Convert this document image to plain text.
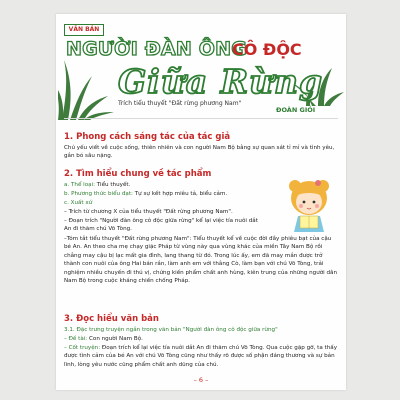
VĂN BẢN
NGƯỜI ĐÀN ÔNG
CÔ ĐỘC
Giữa Rừng
Trích tiểu thuyết "Đất rừng phương Nam"
ĐOÀN GIỎI
1. Phong cách sáng tác của tác giả
Chú yếu viết về cuộc sống, thiên nhiên và con người Nam Bộ bằng sự quan sát tỉ mỉ và tình yêu, gắn bó sâu nặng.
2. Tìm hiểu chung về tác phẩm
a. Thể loại: Tiểu thuyết.
b. Phương thức biểu đạt: Tự sự kết hợp miêu tả, biểu cảm.
c. Xuất xứ
– Trích từ chương X của tiểu thuyết "Đất rừng phương Nam".
– Đoạn trích "Người đàn ông cô độc giữa rừng" kể lại việc tía nuôi dắt An đi thăm chú Võ Tòng.
–Tóm tắt tiểu thuyết "Đất rừng phương Nam": Tiểu thuyết kể về cuộc đời đầy phiêu bạt của cậu bé An. An theo cha mẹ chạy giặc Pháp từ vùng này qua vùng khác của miền Tây Nam Bộ rồi chẳng may cậu bị lạc mất gia đình, lang thang từ đó. Trong lúc ấy, em đã may mắn được trở thành con nuôi của ông Hai bán rắn, làm anh em với thằng Cò, làm bạn với chú Võ Tòng, trải nghiệm nhiều chuyến đi thú vị, chứng kiến phẩm chất anh hùng, kiên trung của những người dân Nam Bộ trong cuộc kháng chiến chống Pháp.
3. Đọc hiểu văn bản
3.1. Đặc trưng truyện ngắn trong văn bản "Người đàn ông cô độc giữa rừng"
– Đề tài: Con người Nam Bộ.
– Cốt truyện: Đoạn trích kể lại việc tía nuôi dắt An đi thăm chú Võ Tòng. Qua cuộc gặp gỡ, ta thấy được tình cảm của bé An với chú Võ Tòng cũng như thấy rõ được số phận đáng thương và sự bản lĩnh, lòng yêu nước cũng phẩm chất anh dũng của chú.
– 6 –
